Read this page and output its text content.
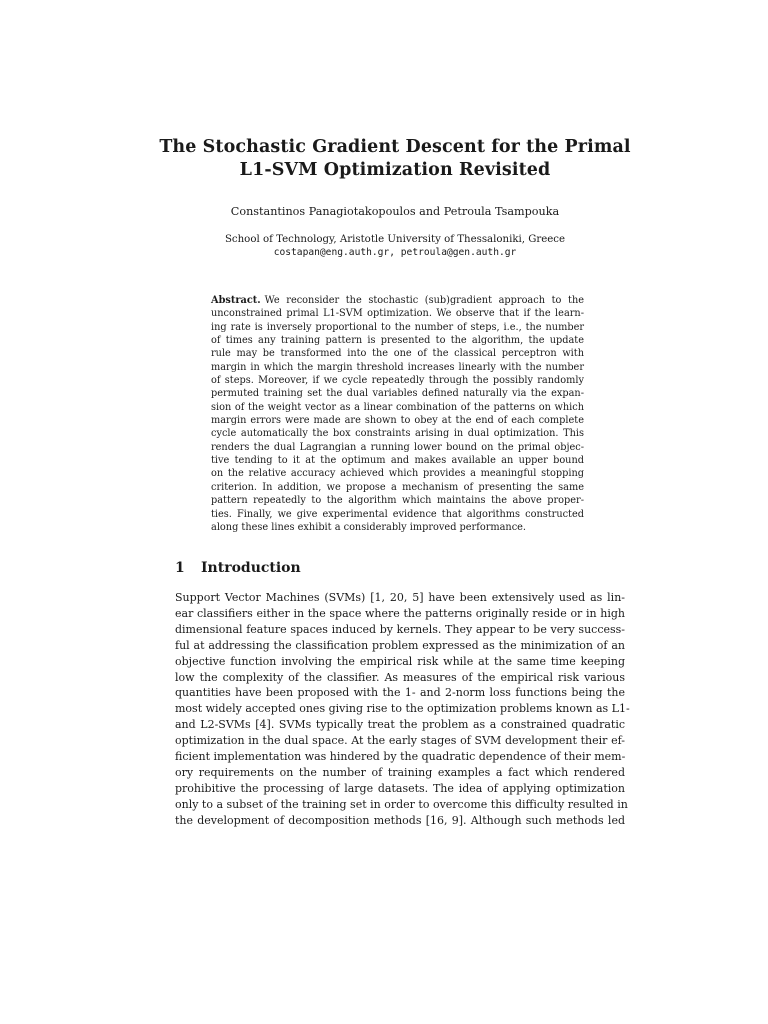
The Stochastic Gradient Descent for the Primal
L1-SVM Optimization Revisited
Constantinos Panagiotakopoulos and Petroula Tsampouka
School of Technology, Aristotle University of Thessaloniki, Greece
costapan@eng.auth.gr, petroula@gen.auth.gr
Abstract. We reconsider the stochastic (sub)gradient approach to the
unconstrained primal L1-SVM optimization. We observe that if the learn-
ing rate is inversely proportional to the number of steps, i.e., the number
of times any training pattern is presented to the algorithm, the update
rule may be transformed into the one of the classical perceptron with
margin in which the margin threshold increases linearly with the number
of steps. Moreover, if we cycle repeatedly through the possibly randomly
permuted training set the dual variables defined naturally via the expan-
sion of the weight vector as a linear combination of the patterns on which
margin errors were made are shown to obey at the end of each complete
cycle automatically the box constraints arising in dual optimization. This
renders the dual Lagrangian a running lower bound on the primal objec-
tive tending to it at the optimum and makes available an upper bound
on the relative accuracy achieved which provides a meaningful stopping
criterion. In addition, we propose a mechanism of presenting the same
pattern repeatedly to the algorithm which maintains the above proper-
ties. Finally, we give experimental evidence that algorithms constructed
along these lines exhibit a considerably improved performance.
1 Introduction
Support Vector Machines (SVMs) [1, 20, 5] have been extensively used as lin-
ear classifiers either in the space where the patterns originally reside or in high
dimensional feature spaces induced by kernels. They appear to be very success-
ful at addressing the classification problem expressed as the minimization of an
objective function involving the empirical risk while at the same time keeping
low the complexity of the classifier. As measures of the empirical risk various
quantities have been proposed with the 1- and 2-norm loss functions being the
most widely accepted ones giving rise to the optimization problems known as L1-
and L2-SVMs [4]. SVMs typically treat the problem as a constrained quadratic
optimization in the dual space. At the early stages of SVM development their ef-
ficient implementation was hindered by the quadratic dependence of their mem-
ory requirements on the number of training examples a fact which rendered
prohibitive the processing of large datasets. The idea of applying optimization
only to a subset of the training set in order to overcome this difficulty resulted in
the development of decomposition methods [16, 9]. Although such methods led
